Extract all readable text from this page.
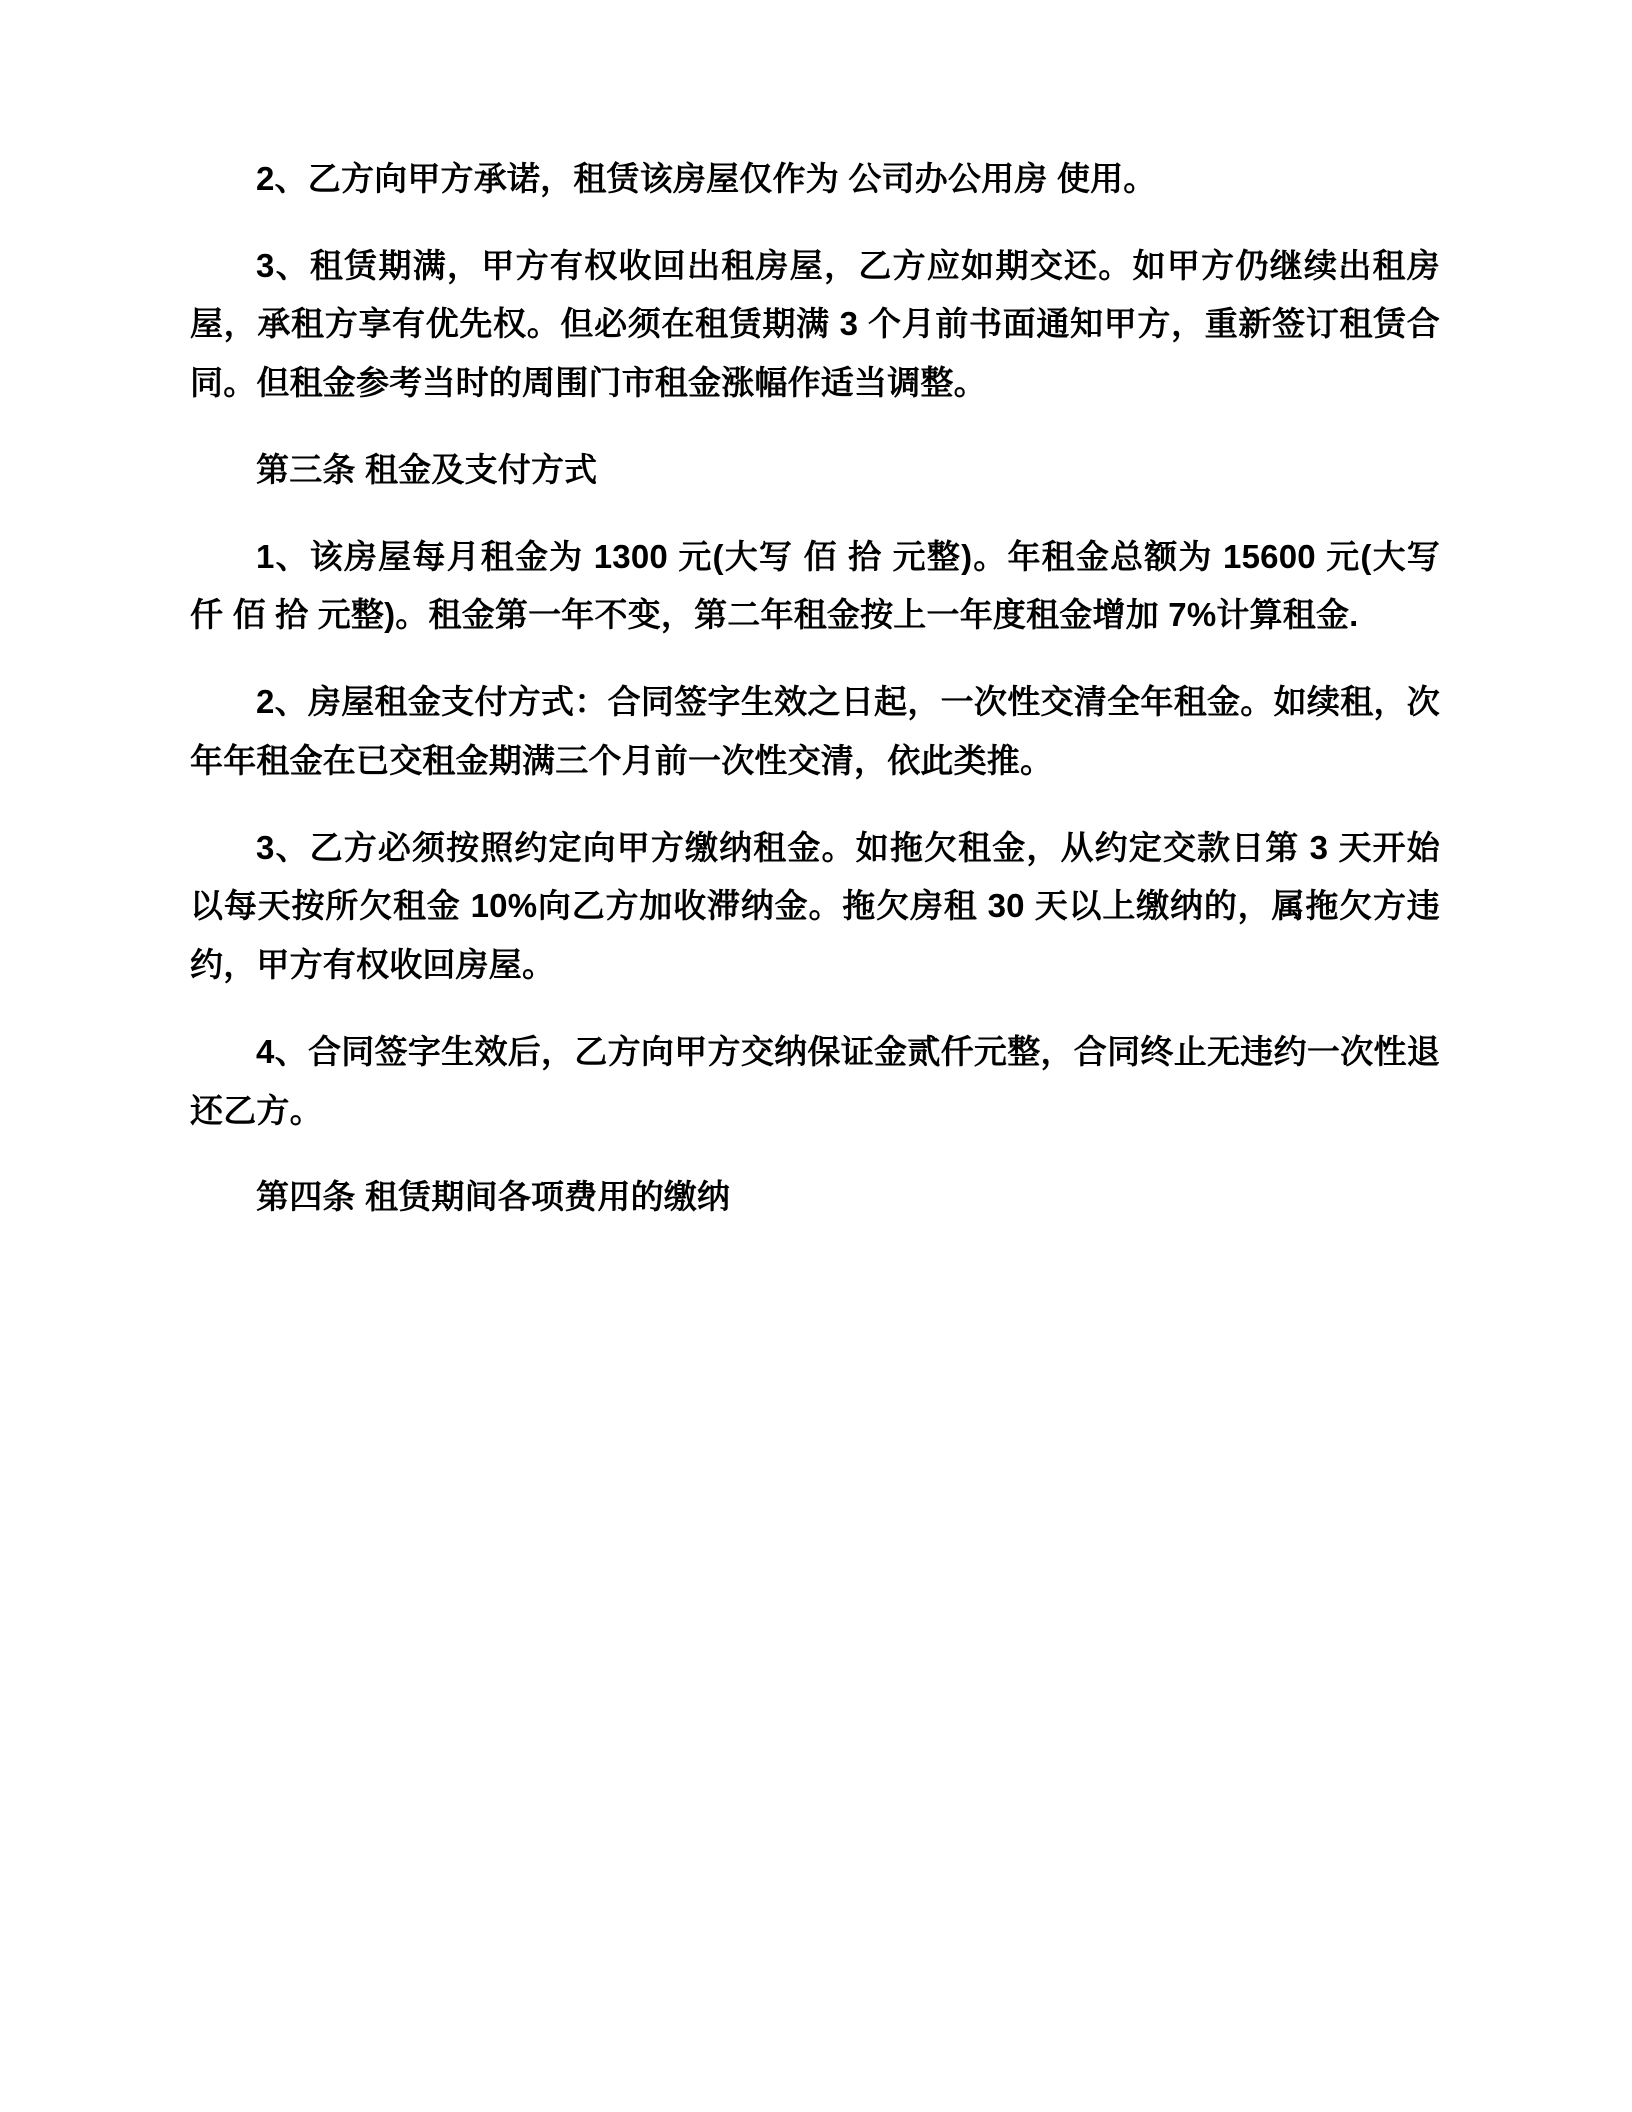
2、乙方向甲方承诺，租赁该房屋仅作为 公司办公用房 使用。

3、租赁期满，甲方有权收回出租房屋，乙方应如期交还。如甲方仍继续出租房屋，承租方享有优先权。但必须在租赁期满 3 个月前书面通知甲方，重新签订租赁合同。但租金参考当时的周围门市租金涨幅作适当调整。

第三条 租金及支付方式

1、该房屋每月租金为 1300 元(大写 佰 拾 元整)。年租金总额为 15600 元(大写 仟 佰 拾 元整)。租金第一年不变，第二年租金按上一年度租金增加 7%计算租金.

2、房屋租金支付方式：合同签字生效之日起，一次性交清全年租金。如续租，次年年租金在已交租金期满三个月前一次性交清，依此类推。

3、乙方必须按照约定向甲方缴纳租金。如拖欠租金，从约定交款日第 3 天开始以每天按所欠租金 10%向乙方加收滞纳金。拖欠房租 30 天以上缴纳的，属拖欠方违约，甲方有权收回房屋。

4、合同签字生效后，乙方向甲方交纳保证金贰仟元整，合同终止无违约一次性退还乙方。

第四条 租赁期间各项费用的缴纳
